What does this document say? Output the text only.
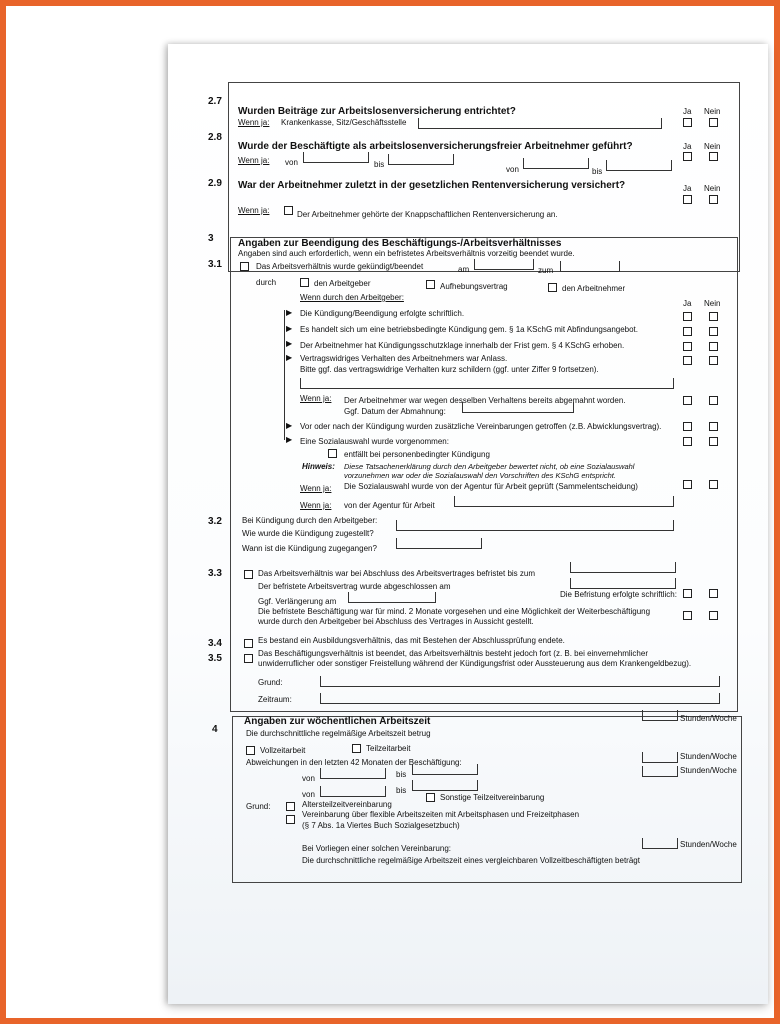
2.7
Wurden Beiträge zur Arbeitslosenversicherung entrichtet?	Ja Nein
Wenn ja: Krankenkasse, Sitz/Geschäftsstelle
2.8
Wurde der Beschäftigte als arbeitslosenversicherungsfreier Arbeitnehmer geführt?	Ja Nein
Wenn ja: von	bis
von	bis
2.9 War der Arbeitnehmer zuletzt in der gesetzlichen Rentenversicherung versichert?	Ja Nein
Wenn ja:	Der Arbeitnehmer gehörte der Knappschaftlichen Rentenversicherung an.
3 Angaben zur Beendigung des Beschäftigungs-/Arbeitsverhältnisses
Angaben sind auch erforderlich, wenn ein befristetes Arbeitsverhältnis vorzeitig beendet wurde.
3.1	Das Arbeitsverhältnis wurde gekündigt/beendet	am	zum
durch	den Arbeitgeber	Aufhebungsvertrag	den Arbeitnehmer
Wenn durch den Arbeitgeber:
Ja Nein
▶ Die Kündigung/Beendigung erfolgte schriftlich.
▶ Es handelt sich um eine betriebsbedingte Kündigung gem. § 1a KSchG mit Abfindungsangebot.
▶ Der Arbeitnehmer hat Kündigungsschutzklage innerhalb der Frist gem. § 4 KSchG erhoben.
▶ Vertragswidriges Verhalten des Arbeitnehmers war Anlass.
Bitte ggf. das vertragswidrige Verhalten kurz schildern (ggf. unter Ziffer 9 fortsetzen).
Wenn ja: Der Arbeitnehmer war wegen desselben Verhaltens bereits abgemahnt worden.
Ggf. Datum der Abmahnung:
▶ Vor oder nach der Kündigung wurden zusätzliche Vereinbarungen getroffen (z.B. Abwicklungsvertrag).
▶ Eine Sozialauswahl wurde vorgenommen:
entfällt bei personenbedingter Kündigung
Hinweis: Diese Tatsachenerklärung durch den Arbeitgeber bewertet nicht, ob eine Sozialauswahl
vorzunehmen war oder die Sozialauswahl den Vorschriften des KSchG entspricht.
Wenn ja: Die Sozialauswahl wurde von der Agentur für Arbeit geprüft (Sammelentscheidung)
Wenn ja: von der Agentur für Arbeit
3.2	Bei Kündigung durch den Arbeitgeber:
Wie wurde die Kündigung zugestellt?
Wann ist die Kündigung zugegangen?
3.3	Das Arbeitsverhältnis war bei Abschluss des Arbeitsvertrages befristet bis zum
Der befristete Arbeitsvertrag wurde abgeschlossen am
Ggf. Verlängerung am
Die Befristung erfolgte schriftlich:
Die befristete Beschäftigung war für mind. 2 Monate vorgesehen und eine Möglichkeit der Weiterbeschäftigung
wurde durch den Arbeitgeber bei Abschluss des Vertrages in Aussicht gestellt.
3.4	Es bestand ein Ausbildungsverhältnis, das mit Bestehen der Abschlussprüfung endete.
3.5	Das Beschäftigungsverhältnis ist beendet, das Arbeitsverhältnis besteht jedoch fort (z. B. bei einvernehmlicher
unwiderruflicher oder sonstiger Freistellung während der Kündigungsfrist oder Aussteuerung aus dem Krankengeldbezug).
Grund:
Zeitraum:
4
Angaben zur wöchentlichen Arbeitszeit
Die durchschnittliche regelmäßige Arbeitszeit betrug
Stunden/Woche
Vollzeitarbeit	Teilzeitarbeit
Stunden/Woche
Abweichungen in den letzten 42 Monaten der Beschäftigung:
von	bis	Stunden/Woche
von	bis
Grund:	Altersteilzeitvereinbarung
Sonstige Teilzeitvereinbarung
Vereinbarung über flexible Arbeitszeiten mit Arbeitsphasen und Freizeitphasen
(§ 7 Abs. 1a Viertes Buch Sozialgesetzbuch)
Bei Vorliegen einer solchen Vereinbarung:
Die durchschnittliche regelmäßige Arbeitszeit eines vergleichbaren Vollzeitbeschäftigten beträgt
Stunden/Woche
